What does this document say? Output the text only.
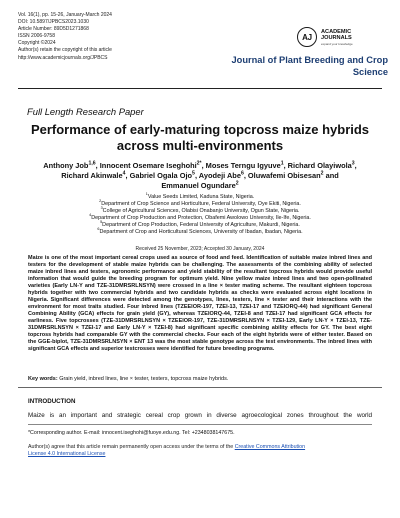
Vol. 16(1), pp. 15-26, January-March 2024
DOI: 10.5897/JPBCS2023.1030
Article Number: 89D5D1271868
ISSN 2006-9758
Copyright ©2024
Author(s) retain the copyright of this article
http://www.academicjournals.org/JPBCS
AJ
ACADEMIC
JOURNALS
expand your knowledge
Journal of Plant Breeding and Crop
Science
Full Length Research Paper
Performance of early-maturing topcross maize hybrids
across multi-environments
Anthony Job$^{1,6}$, Innocent Osemare Iseghohi$^{2*}$, Moses Terngu Igyuve$^1$, Richard Olayiwola$^3$,
Richard Akinwale$^4$, Gabriel Ogala Ojo$^5$, Ayodeji Abe$^6$, Oluwafemi Obisesan$^2$ and
Emmanuel Ogundare$^2$
$^1$Value Seeds Limited, Kaduna State, Nigeria.
$^2$Department of Crop Science and Horticulture, Federal University, Oye Ekiti, Nigeria.
$^3$College of Agricultural Sciences, Olabisi Onabanjo University, Ogun State, Nigeria.
$^4$Department of Crop Production and Protection, Obafemi Awolowo University, Ile-Ife, Nigeria.
$^5$Department of Crop Production, Federal University of Agriculture, Makurdi, Nigeria.
$^6$Department of Crop and Horticultural Sciences, University of Ibadan, Ibadan, Nigeria.
Received 25 November, 2023; Accepted 30 January, 2024
Maize is one of the most important cereal crops used as source of food and feed. Identification of suitable maize inbred lines and testers for the development of stable maize hybrids can be challenging. The assessments of the combining ability of selected maize inbred lines and testers, agronomic performance and yield stability of the resultant topcross hybrids would provide useful information that would guide the breeding program for optimum yield. Nine yellow maize inbred lines and two open-pollinated varieties (Early LN-Y and TZE-31DMRSRLNSYN) were crossed in a line × tester mating scheme. The resultant eighteen topcross hybrids together with two commercial hybrids and two candidate hybrids as checks were evaluated across eight locations in Nigeria. Significant differences were detected among the genotypes, lines, testers, line × tester and their interactions with the environment for most traits studied. Four inbred lines (TZEEIOR-197, TZEI-13, TZEI-17 and TZEIORQ-44) had significant General Combining Ability (GCA) effects for grain yield (GY), whereas TZEIORQ-44, TZEI-8 and TZEI-17 had significant GCA effects for earliness. Five topcrosses (TZE-31DMRSRLNSYN × TZEEIOR-197, TZE-31DMRSRLNSYN × TZEI-129, Early LN-Y × TZEI-13, TZE-31DMRSRLNSYN × TZEI-17 and Early LN-Y × TZEI-8) had significant specific combining ability effects for GY. The best eight topcross hybrids had comparable GY with the commercial checks. Four each of the eight hybrids were of either tester. Based on the GGE-biplot, TZE-31DMRSRLNSYN × ENT 13 was the most stable genotype across the test environments. The inbred lines with significant GCA effects and superior testcrosses were identified for future breeding programs.
Key words: Grain yield, inbred lines, line × tester, testers, topcross maize hybrids.
INTRODUCTION
Maize is an important and strategic cereal crop grown in diverse agroecological zones throughout the world
*Corresponding author. E-mail: innocent.iseghohi@fuoye.edu.ng. Tel: +2348038147675.
Author(s) agree that this article remain permanently open access under the terms of the Creative Commons Attribution
License 4.0 International License
